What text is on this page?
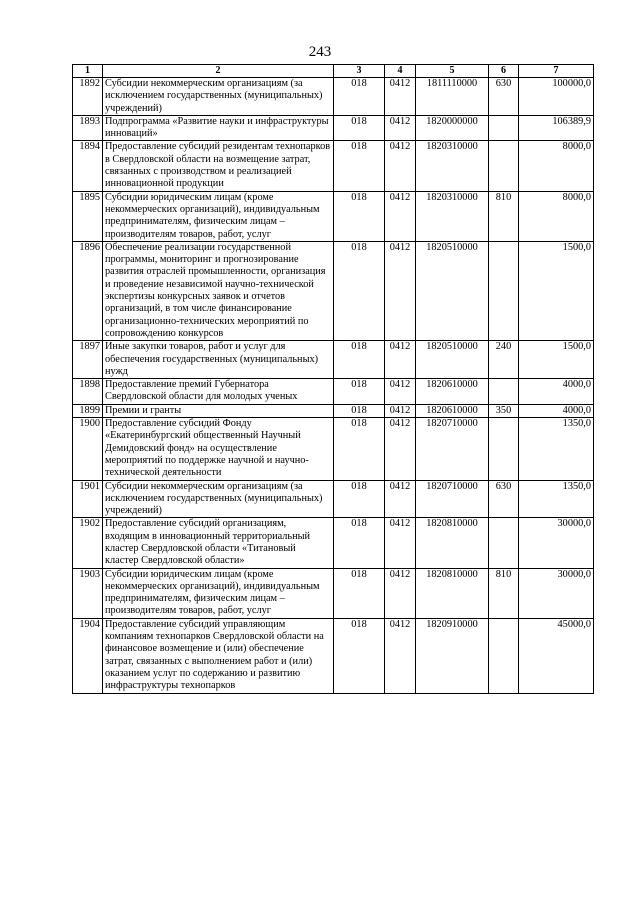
243
1	2	3	4	5	6	7
1892	Субсидии некоммерческим организациям (за исключением государственных (муниципальных) учреждений)	018	0412	1811110000	630	100000,0
1893	Подпрограмма «Развитие науки и инфраструктуры инноваций»	018	0412	1820000000		106389,9
1894	Предоставление субсидий резидентам технопарков в Свердловской области на возмещение затрат, связанных с производством и реализацией инновационной продукции	018	0412	1820310000		8000,0
1895	Субсидии юридическим лицам (кроме некоммерческих организаций), индивидуальным предпринимателям, физическим лицам – производителям товаров, работ, услуг	018	0412	1820310000	810	8000,0
1896	Обеспечение реализации государственной программы, мониторинг и прогнозирование развития отраслей промышленности, организация и проведение независимой научно-технической экспертизы конкурсных заявок и отчетов организаций, в том числе финансирование организационно-технических мероприятий по сопровождению конкурсов	018	0412	1820510000		1500,0
1897	Иные закупки товаров, работ и услуг для обеспечения государственных (муниципальных) нужд	018	0412	1820510000	240	1500,0
1898	Предоставление премий Губернатора Свердловской области для молодых ученых	018	0412	1820610000		4000,0
1899	Премии и гранты	018	0412	1820610000	350	4000,0
1900	Предоставление субсидий Фонду «Екатеринбургский общественный Научный Демидовский фонд» на осуществление мероприятий по поддержке научной и научно-технической деятельности	018	0412	1820710000		1350,0
1901	Субсидии некоммерческим организациям (за исключением государственных (муниципальных) учреждений)	018	0412	1820710000	630	1350,0
1902	Предоставление субсидий организациям, входящим в инновационный территориальный кластер Свердловской области «Титановый кластер Свердловской области»	018	0412	1820810000		30000,0
1903	Субсидии юридическим лицам (кроме некоммерческих организаций), индивидуальным предпринимателям, физическим лицам – производителям товаров, работ, услуг	018	0412	1820810000	810	30000,0
1904	Предоставление субсидий управляющим компаниям технопарков Свердловской области на финансовое возмещение и (или) обеспечение затрат, связанных с выполнением работ и (или) оказанием услуг по содержанию и развитию инфраструктуры технопарков	018	0412	1820910000		45000,0
